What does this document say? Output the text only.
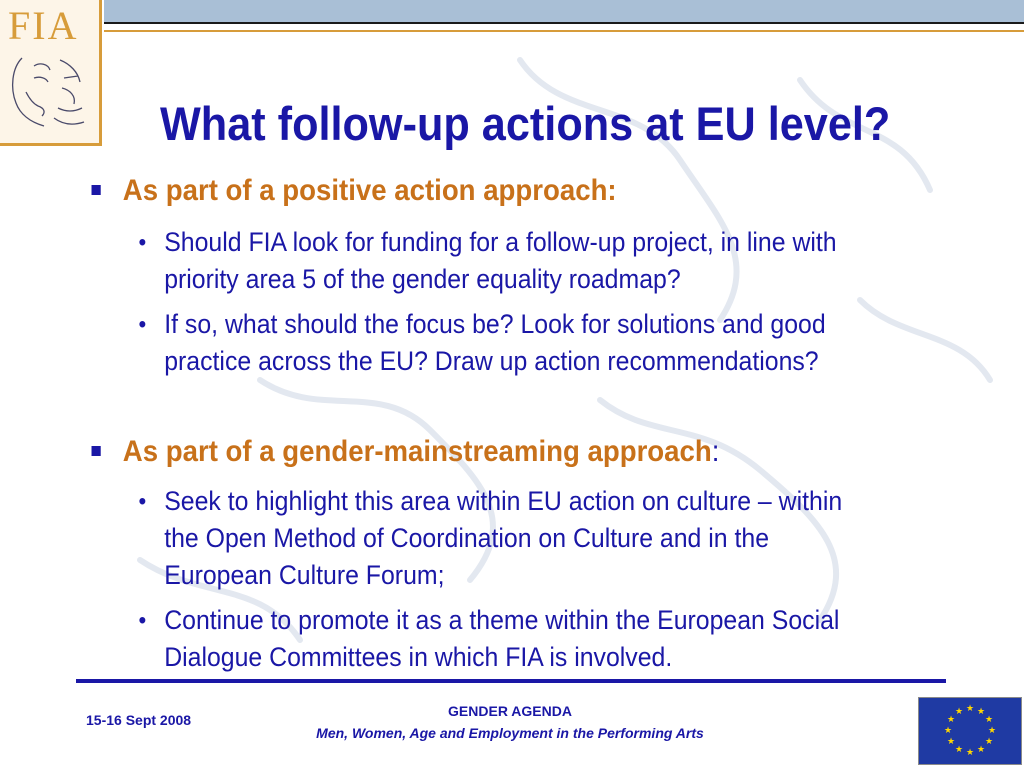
FIA
What follow-up actions at EU level?
As part of a positive action approach:
• Should FIA look for funding for a follow-up project, in line with priority area 5 of the gender equality roadmap?
• If so, what should the focus be? Look for solutions and good practice across the EU? Draw up action recommendations?
As part of a gender-mainstreaming approach:
• Seek to highlight this area within EU action on culture – within the Open Method of Coordination on Culture and in the European Culture Forum;
• Continue to promote it as a theme within the European Social Dialogue Committees in which FIA is involved.
15-16 Sept 2008
GENDER AGENDA
Men, Women, Age and Employment in the Performing Arts
★ ★
★
★
★
★
★
★
★
★
★
★
